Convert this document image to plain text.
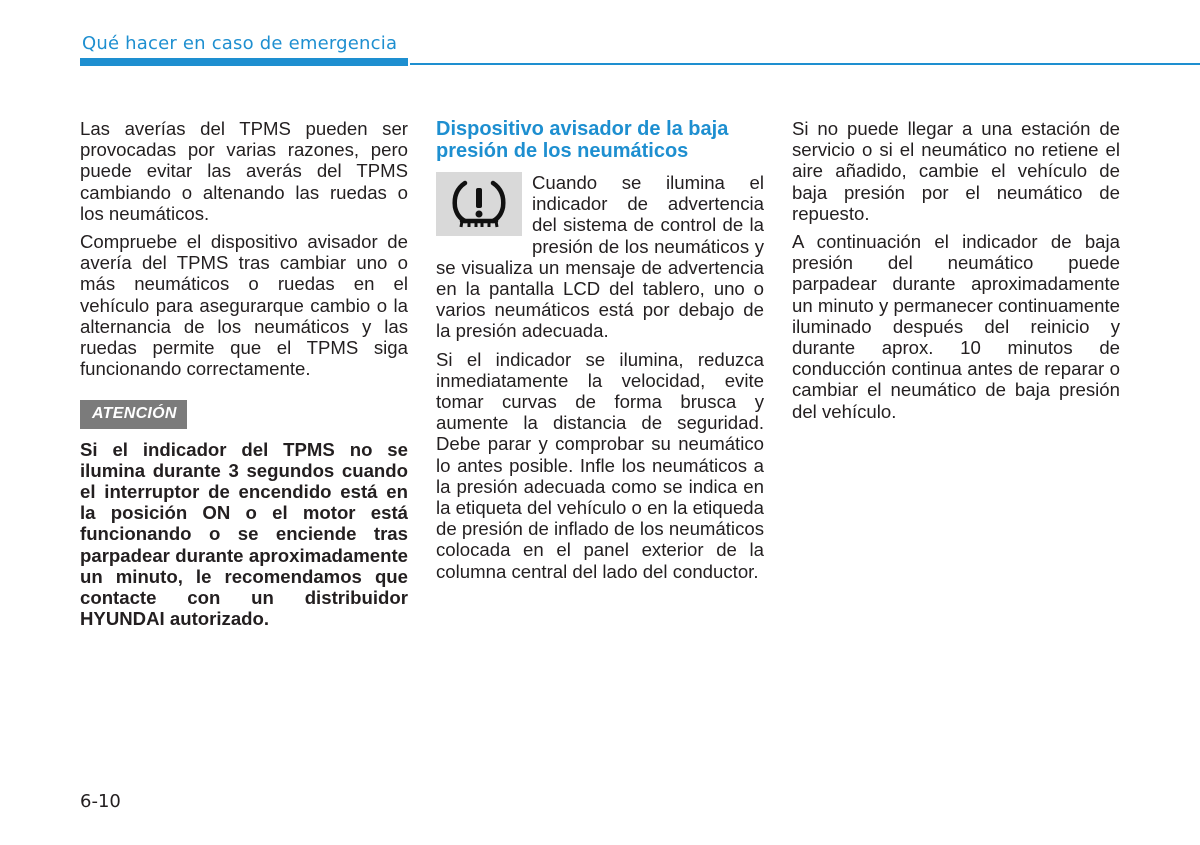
Qué hacer en caso de emergencia

Las averías del TPMS pueden ser provocadas por varias razones, pero puede evitar las averás del TPMS cambiando o altenando las ruedas o los neumáticos.

Compruebe el dispositivo avisador de avería del TPMS tras cambiar uno o más neumáticos o ruedas en el vehículo para asegurarque cambio o la alternancia de los neumáticos y las ruedas permite que el TPMS siga funcionando correctamente.

ATENCIÓN

Si el indicador del TPMS no se ilumina durante 3 segundos cuando el interruptor de encendido está en la posición ON o el motor está funcionando o se enciende tras parpadear durante aproximadamente un minuto, le recomendamos que contacte con un distribuidor HYUNDAI autorizado.

Dispositivo avisador de la baja presión de los neumáticos

Cuando se ilumina el indicador de advertencia del sistema de control de la presión de los neumáticos y se visualiza un mensaje de advertencia en la pantalla LCD del tablero, uno o varios neumáticos está por debajo de la presión adecuada.

Si el indicador se ilumina, reduzca inmediatamente la velocidad, evite tomar curvas de forma brusca y aumente la distancia de seguridad. Debe parar y comprobar su neumático lo antes posible. Infle los neumáticos a la presión adecuada como se indica en la etiqueta del vehículo o en la etiqueda de presión de inflado de los neumáticos colocada en el panel exterior de la columna central del lado del conductor.

Si no puede llegar a una estación de servicio o si el neumático no retiene el aire añadido, cambie el vehículo de baja presión por el neumático de repuesto.

A continuación el indicador de baja presión del neumático puede parpadear durante aproximadamente un minuto y permanecer continuamente iluminado después del reinicio y durante aprox. 10 minutos de conducción continua antes de reparar o cambiar el neumático de baja presión del vehículo.

6-10
